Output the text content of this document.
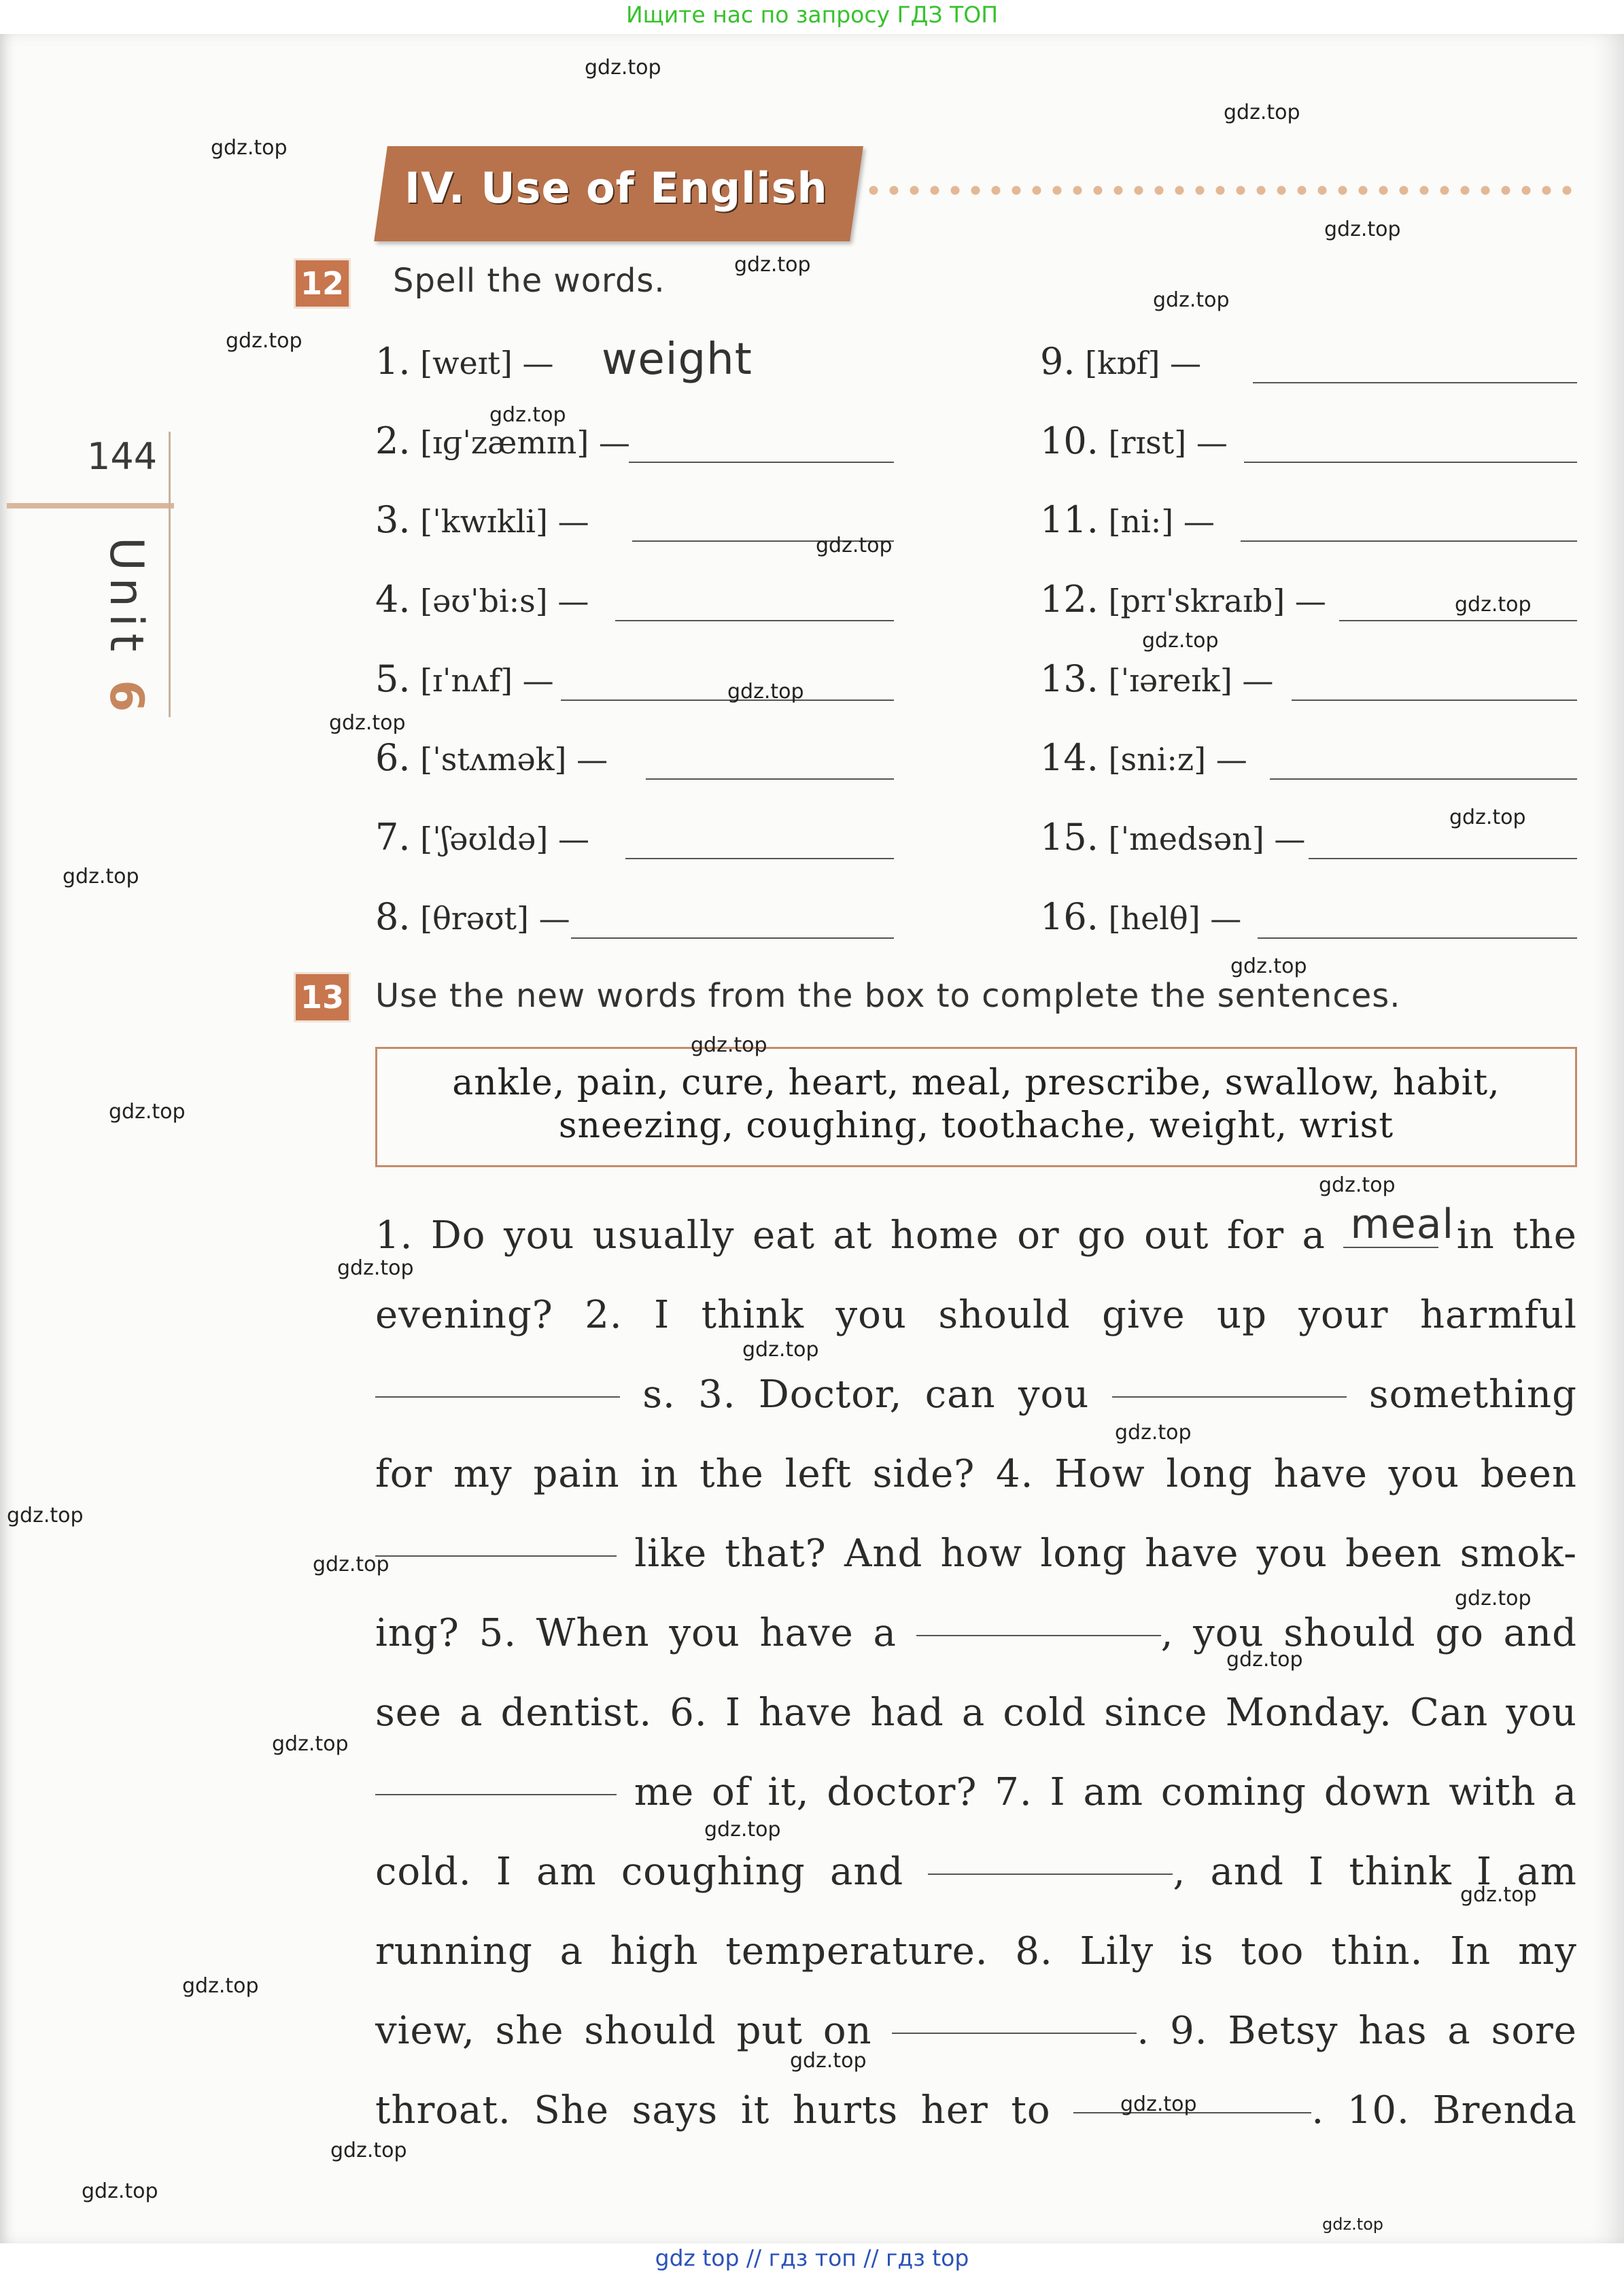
Ищите нас по запросу ГДЗ ТОП
144
Unit 6
IV. Use of English
12 Spell the words.
1. [weɪt] —	weight
2. [ɪɡˈzæmɪn] —
3. [ˈkwɪkli] —
4. [əʊˈbi:s] —
5. [ɪˈnʌf] —
6. [ˈstʌmək] —
7. [ˈʃəʊldə] —
8. [θrəʊt] —
9. [kɒf] —
10. [rɪst] —
11. [ni:] —
12. [prɪˈskraɪb] —
13. [ˈɪəreɪk] —
14. [sni:z] —
15. [ˈmedsən] —
16. [helθ] —
13 Use the new words from the box to complete the sentences.
ankle, pain, cure, heart, meal, prescribe, swallow, habit,
sneezing, coughing, toothache, weight, wrist
1. Do you usually eat at home or go out for a meal in the
evening? 2. I think you should give up your harmful
s. 3. Doctor, can you	something
for my pain in the left side? 4. How long have you been
like that? And how long have you been smok-
ing? 5. When you have a	, you should go and
see a dentist. 6. I have had a cold since Monday. Can you
me of it, doctor? 7. I am coming down with a
cold. I am coughing and	, and I think I am
running a high temperature. 8. Lily is too thin. In my
view, she should put on	. 9. Betsy has a sore
throat. She says it hurts her to	. 10. Brenda
gdz top // гдз топ // гдз top
gdz.top
gdz.top
gdz.top
gdz.top
gdz.top
gdz.top
gdz.top
gdz.top
gdz.top
gdz.top
gdz.top
gdz.top
gdz.top
gdz.top
gdz.top
gdz.top
gdz.top
gdz.top
gdz.top
gdz.top
gdz.top
gdz.top
gdz.top
gdz.top
gdz.top
gdz.top
gdz.top
gdz.top
gdz.top
gdz.top
gdz.top
gdz.top
gdz.top
gdz.top
gdz.top
